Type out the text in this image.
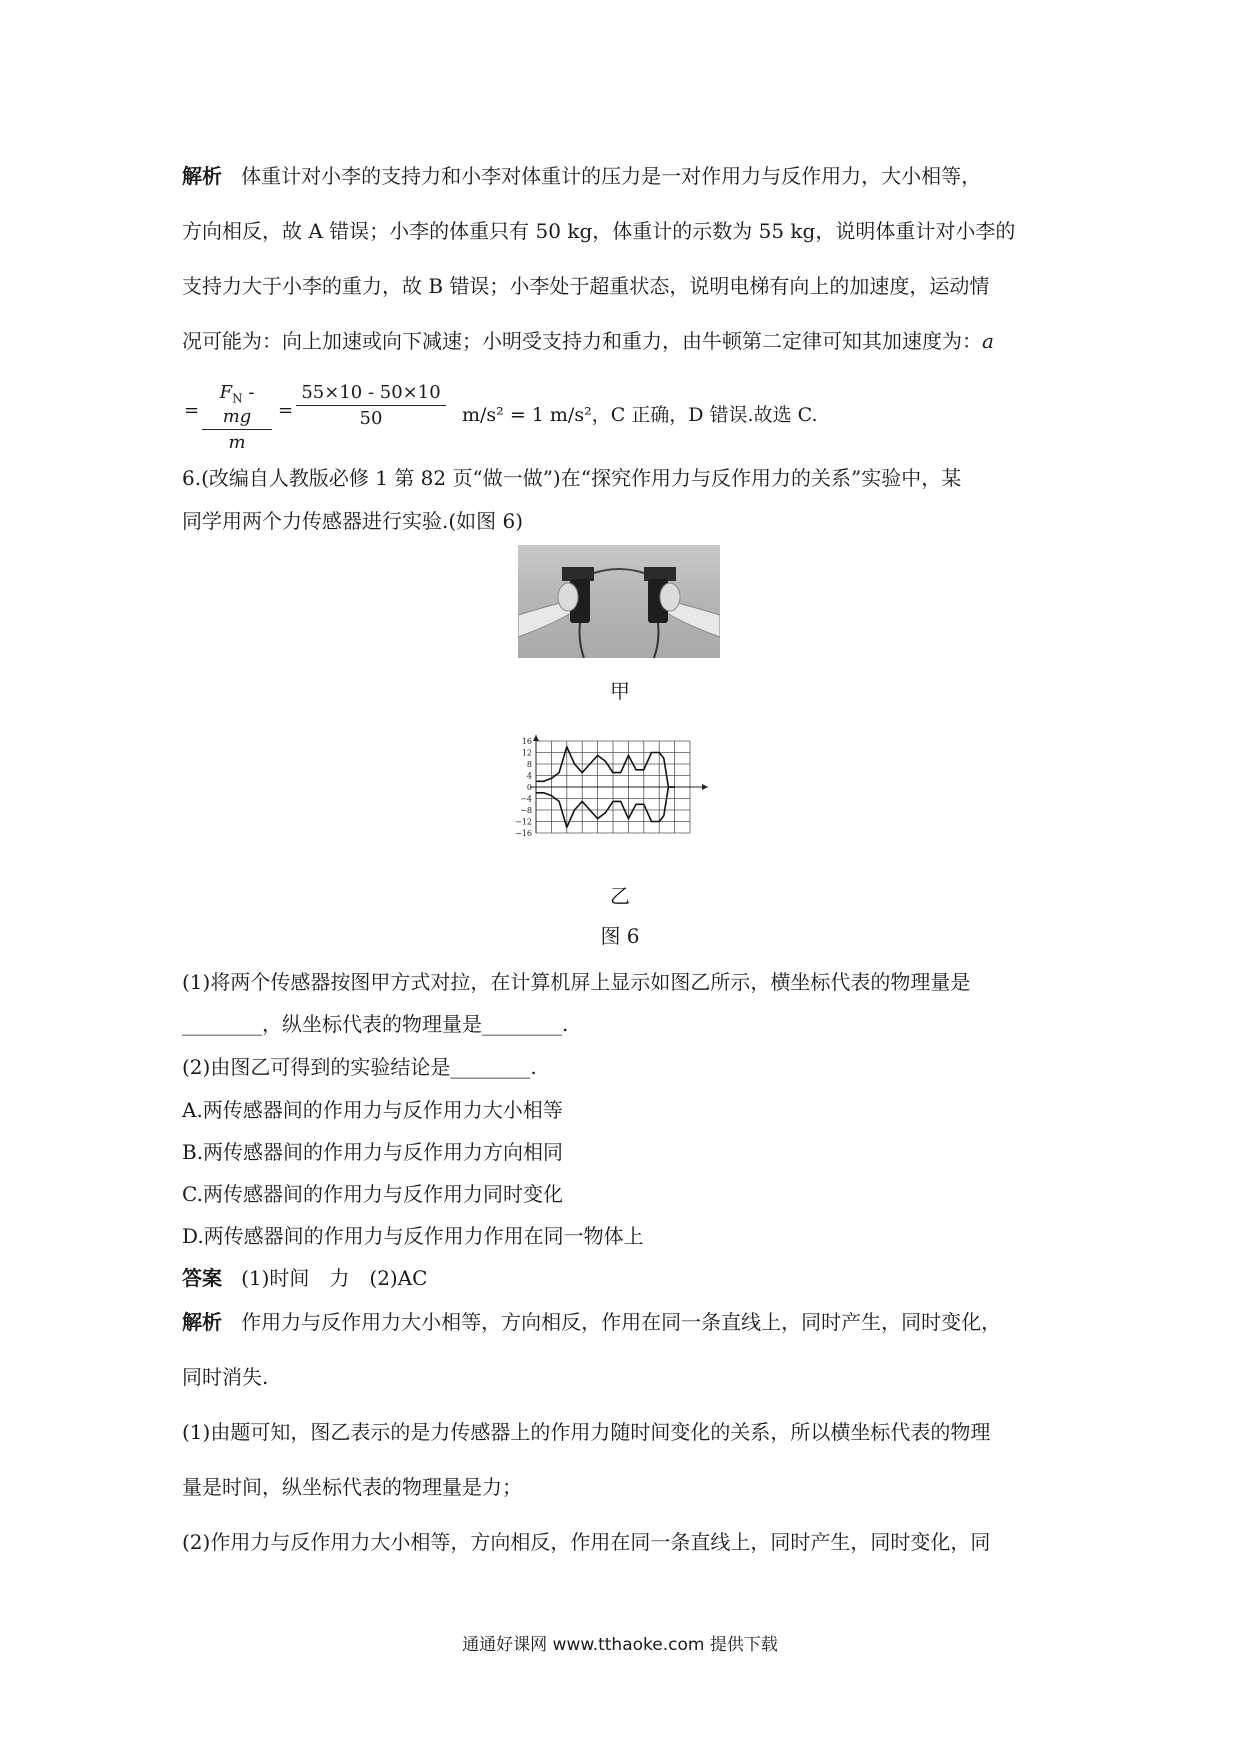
解析 体重计对小李的支持力和小李对体重计的压力是一对作用力与反作用力，大小相等，
方向相反，故 A 错误；小李的体重只有 50 kg，体重计的示数为 55 kg，说明体重计对小李的
支持力大于小李的重力，故 B 错误；小李处于超重状态，说明电梯有向上的加速度，运动情
况可能为：向上加速或向下减速；小明受支持力和重力，由牛顿第二定律可知其加速度为：a
=
$F_N$ - mg
m
=
55×10 - 50×10
50	m/s² = 1 m/s²，C 正确，D 错误.故选 C.
6.(改编自人教版必修 1 第 82 页“做一做”)在“探究作用力与反作用力的关系”实验中，某
同学用两个力传感器进行实验.(如图 6)
甲
16
12
8
4
0
−4
−8
−12
−16
乙
图 6
(1)将两个传感器按图甲方式对拉，在计算机屏上显示如图乙所示，横坐标代表的物理量是
________，纵坐标代表的物理量是________.
(2)由图乙可得到的实验结论是________.
A.两传感器间的作用力与反作用力大小相等
B.两传感器间的作用力与反作用力方向相同
C.两传感器间的作用力与反作用力同时变化
D.两传感器间的作用力与反作用力作用在同一物体上
答案 (1)时间　力　(2)AC
解析 作用力与反作用力大小相等，方向相反，作用在同一条直线上，同时产生，同时变化，
同时消失.
(1)由题可知，图乙表示的是力传感器上的作用力随时间变化的关系，所以横坐标代表的物理
量是时间，纵坐标代表的物理量是力；
(2)作用力与反作用力大小相等，方向相反，作用在同一条直线上，同时产生，同时变化，同
通通好课网 www.tthaoke.com 提供下载
